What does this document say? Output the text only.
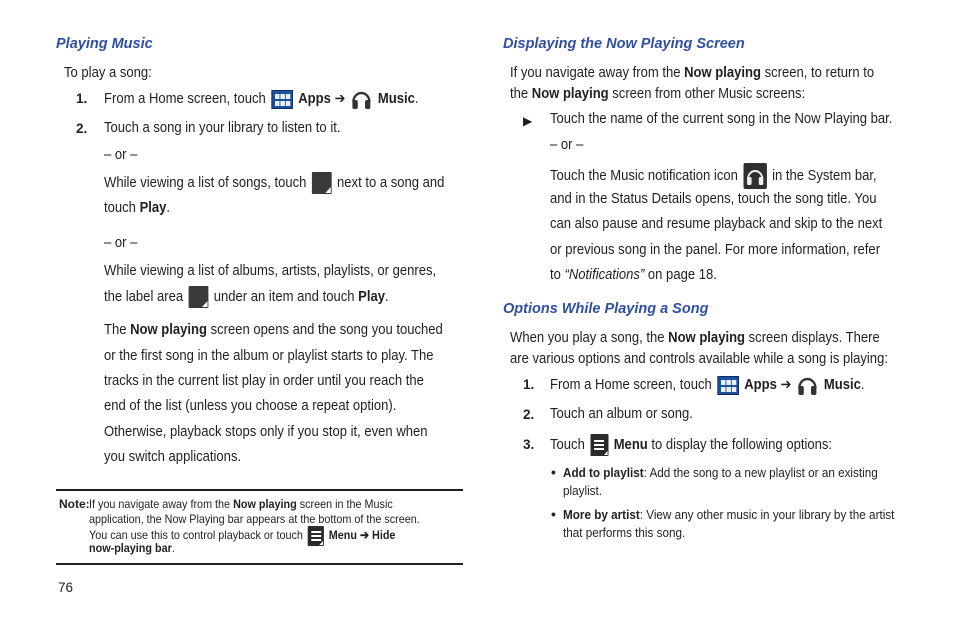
Playing Music
To play a song:
1. From a Home screen, touch Apps ➔ Music.
2. Touch a song in your library to listen to it.
– or –
While viewing a list of songs, touch next to a song and
touch Play.
– or –
While viewing a list of albums, artists, playlists, or genres,
the label area under an item and touch Play.
The Now playing screen opens and the song you touched
or the first song in the album or playlist starts to play. The
tracks in the current list play in order until you reach the
end of the list (unless you choose a repeat option).
Otherwise, playback stops only if you stop it, even when
you switch applications.
Note: If you navigate away from the Now playing screen in the Music
application, the Now Playing bar appears at the bottom of the screen.
You can use this to control playback or touch Menu ➔ Hide
now-playing bar.
76
Displaying the Now Playing Screen
If you navigate away from the Now playing screen, to return to
the Now playing screen from other Music screens:
▶ Touch the name of the current song in the Now Playing bar.
– or –
Touch the Music notification icon in the System bar,
and in the Status Details opens, touch the song title. You
can also pause and resume playback and skip to the next
or previous song in the panel. For more information, refer
to “Notifications” on page 18.
Options While Playing a Song
When you play a song, the Now playing screen displays. There
are various options and controls available while a song is playing:
1. From a Home screen, touch Apps ➔ Music.
2. Touch an album or song.
3. Touch Menu to display the following options:
• Add to playlist: Add the song to a new playlist or an existing
playlist.
• More by artist: View any other music in your library by the artist
that performs this song.
